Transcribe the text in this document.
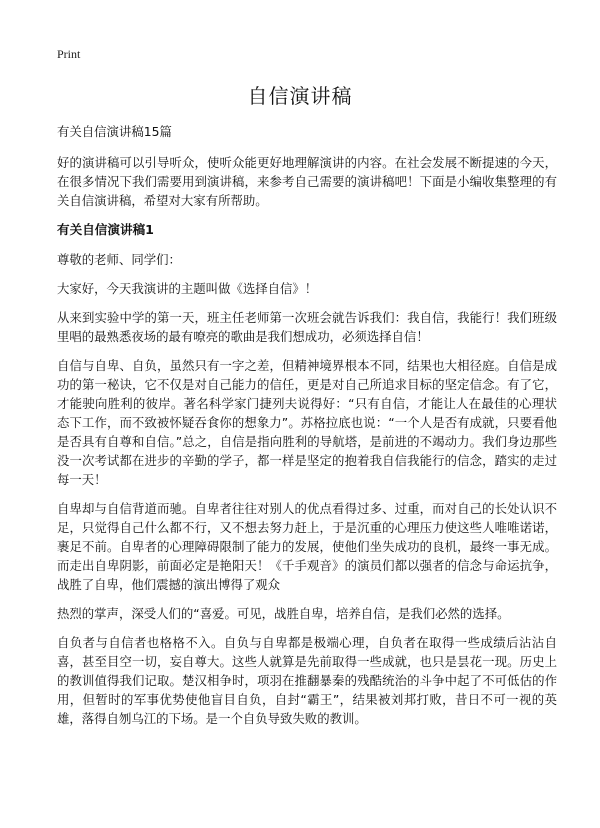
Print
自信演讲稿

有关自信演讲稿15篇

好的演讲稿可以引导听众，使听众能更好地理解演讲的内容。在社会发展不断提速的今天，在很多情况下我们需要用到演讲稿，来参考自己需要的演讲稿吧！下面是小编收集整理的有关自信演讲稿，希望对大家有所帮助。

有关自信演讲稿1

尊敬的老师、同学们：

大家好，今天我演讲的主题叫做《选择自信》！

从来到实验中学的第一天，班主任老师第一次班会就告诉我们：我自信，我能行！我们班级里唱的最熟悉夜场的最有嘹亮的歌曲是我们想成功，必须选择自信！

自信与自卑、自负，虽然只有一字之差，但精神境界根本不同，结果也大相径庭。自信是成功的第一秘诀，它不仅是对自己能力的信任，更是对自己所追求目标的坚定信念。有了它，才能驶向胜利的彼岸。著名科学家门捷列夫说得好：“只有自信，才能让人在最佳的心理状态下工作，而不致被怀疑吞食你的想象力”。苏格拉底也说：“一个人是否有成就，只要看他是否具有自尊和自信。”总之，自信是指向胜利的导航塔，是前进的不竭动力。我们身边那些没一次考试都在进步的辛勤的学子，都一样是坚定的抱着我自信我能行的信念，踏实的走过每一天！

自卑却与自信背道而驰。自卑者往往对别人的优点看得过多、过重，而对自己的长处认识不足，只觉得自己什么都不行，又不想去努力赶上，于是沉重的心理压力使这些人唯唯诺诺，裹足不前。自卑者的心理障碍限制了能力的发展，使他们坐失成功的良机，最终一事无成。而走出自卑阴影，前面必定是艳阳天！《千手观音》的演员们都以强者的信念与命运抗争，战胜了自卑，他们震撼的演出博得了观众

热烈的掌声，深受人们的“喜爱。可见，战胜自卑，培养自信，是我们必然的选择。

自负者与自信者也格格不入。自负与自卑都是极端心理，自负者在取得一些成绩后沾沾自喜，甚至目空一切，妄自尊大。这些人就算是先前取得一些成就，也只是昙花一现。历史上的教训值得我们记取。楚汉相争时，项羽在推翻暴秦的残酷统治的斗争中起了不可低估的作用，但暂时的军事优势使他盲目自负，自封“霸王”，结果被刘邦打败，昔日不可一视的英雄，落得自刎乌江的下场。是一个自负导致失败的教训。
